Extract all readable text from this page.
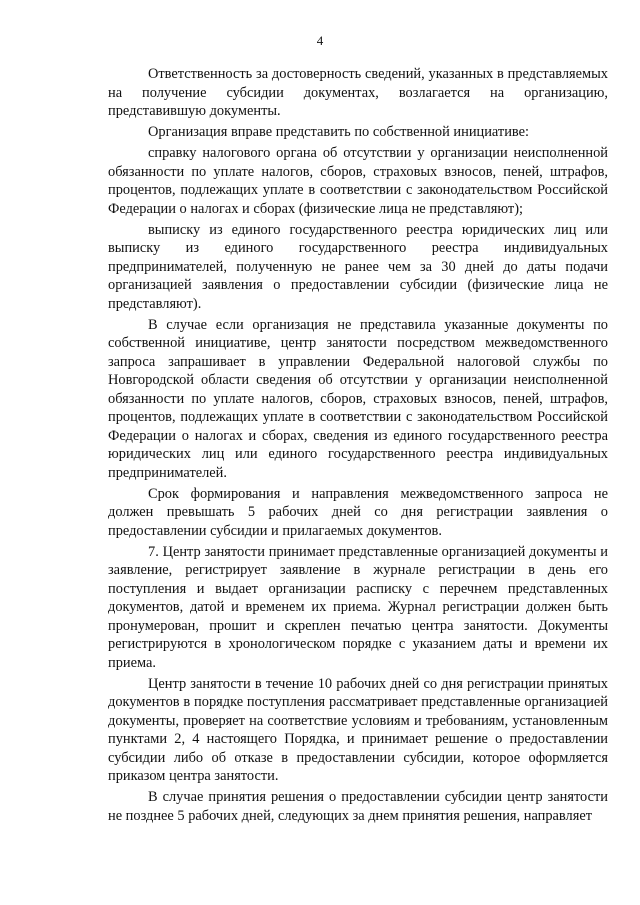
4

Ответственность за достоверность сведений, указанных в представляемых на получение субсидии документах, возлагается на организацию, представившую документы.

Организация вправе представить по собственной инициативе:

справку налогового органа об отсутствии у организации неисполненной обязанности по уплате налогов, сборов, страховых взносов, пеней, штрафов, процентов, подлежащих уплате в соответствии с законодательством Российской Федерации о налогах и сборах (физические лица не представляют);

выписку из единого государственного реестра юридических лиц или выписку из единого государственного реестра индивидуальных предпринимателей, полученную не ранее чем за 30 дней до даты подачи организацией заявления о предоставлении субсидии (физические лица не представляют).

В случае если организация не представила указанные документы по собственной инициативе, центр занятости посредством межведомственного запроса запрашивает в управлении Федеральной налоговой службы по Новгородской области сведения об отсутствии у организации неисполненной обязанности по уплате налогов, сборов, страховых взносов, пеней, штрафов, процентов, подлежащих уплате в соответствии с законодательством Российской Федерации о налогах и сборах, сведения из единого государственного реестра юридических лиц или единого государственного реестра индивидуальных предпринимателей.

Срок формирования и направления межведомственного запроса не должен превышать 5 рабочих дней со дня регистрации заявления о предоставлении субсидии и прилагаемых документов.

7. Центр занятости принимает представленные организацией документы и заявление, регистрирует заявление в журнале регистрации в день его поступления и выдает организации расписку с перечнем представленных документов, датой и временем их приема. Журнал регистрации должен быть пронумерован, прошит и скреплен печатью центра занятости. Документы регистрируются в хронологическом порядке с указанием даты и времени их приема.

Центр занятости в течение 10 рабочих дней со дня регистрации принятых документов в порядке поступления рассматривает представленные организацией документы, проверяет на соответствие условиям и требованиям, установленным пунктами 2, 4 настоящего Порядка, и принимает решение о предоставлении субсидии либо об отказе в предоставлении субсидии, которое оформляется приказом центра занятости.

В случае принятия решения о предоставлении субсидии центр занятости не позднее 5 рабочих дней, следующих за днем принятия решения, направляет
